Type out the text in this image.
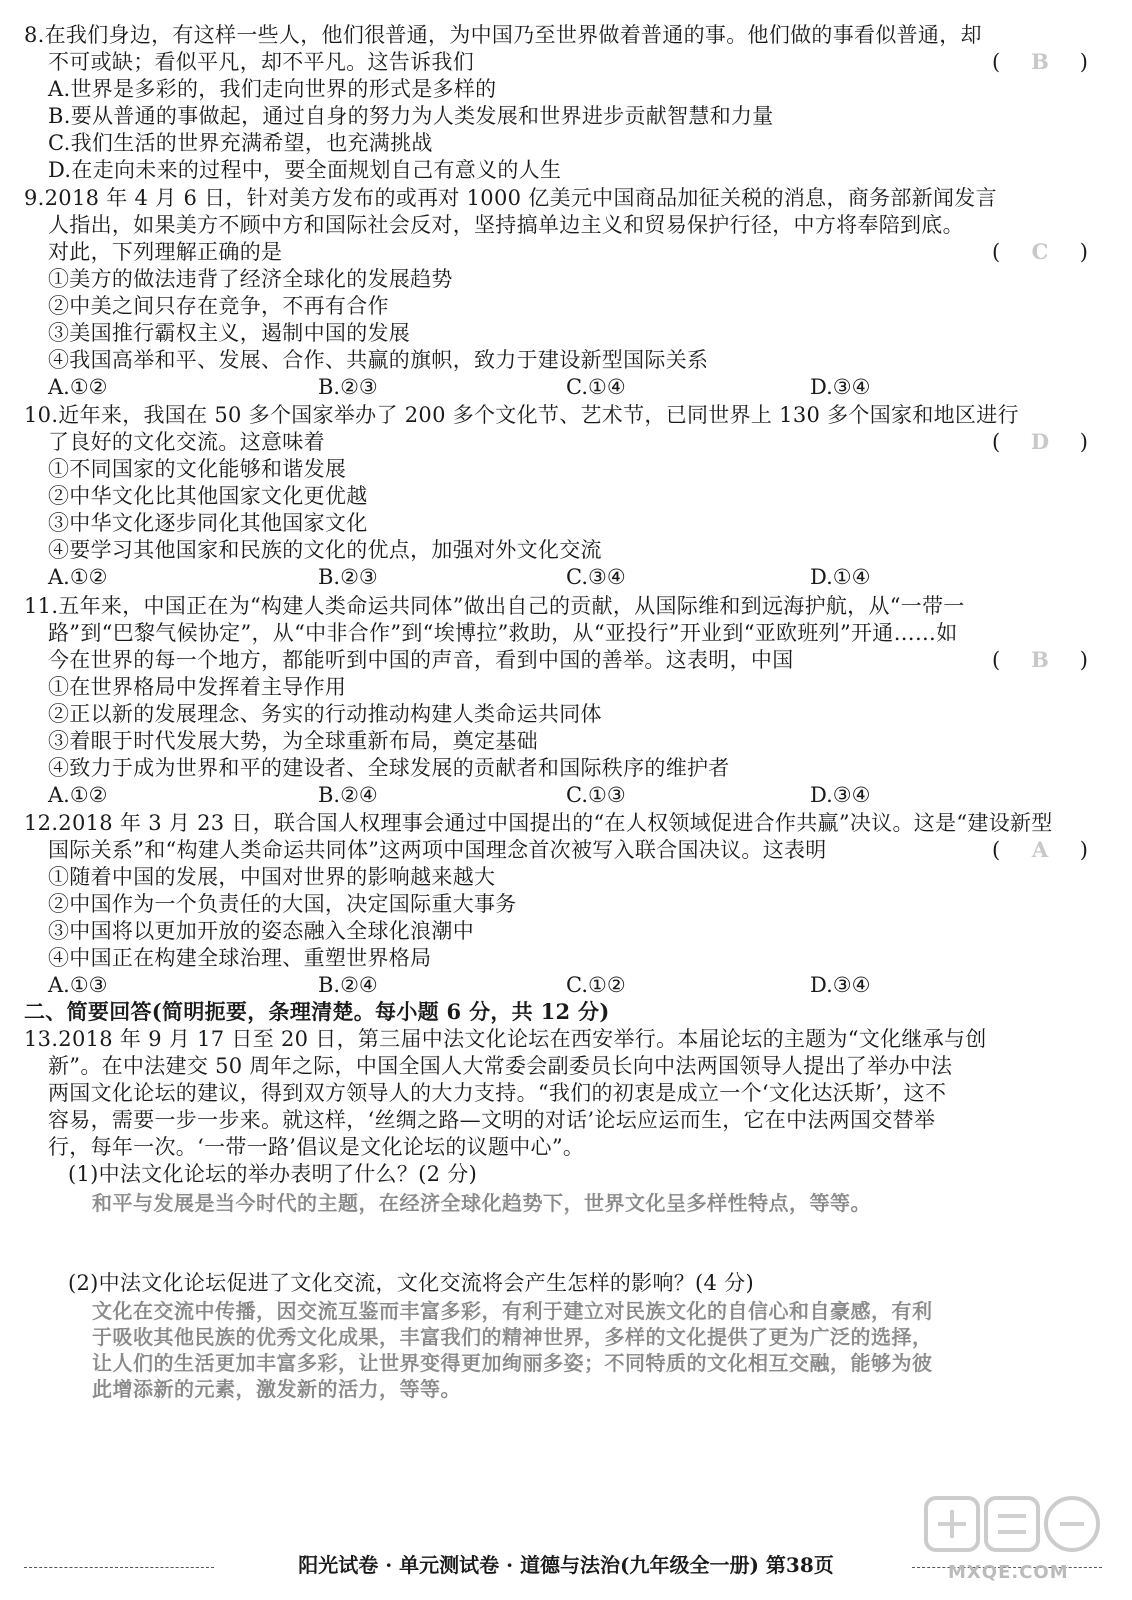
8.在我们身边，有这样一些人，他们很普通，为中国乃至世界做着普通的事。他们做的事看似普通，却
不可或缺；看似平凡，却不平凡。这告诉我们	( B )
A.世界是多彩的，我们走向世界的形式是多样的
B.要从普通的事做起，通过自身的努力为人类发展和世界进步贡献智慧和力量
C.我们生活的世界充满希望，也充满挑战
D.在走向未来的过程中，要全面规划自己有意义的人生
9.2018 年 4 月 6 日，针对美方发布的或再对 1000 亿美元中国商品加征关税的消息，商务部新闻发言
人指出，如果美方不顾中方和国际社会反对，坚持搞单边主义和贸易保护行径，中方将奉陪到底。
对此，下列理解正确的是	( C )
①美方的做法违背了经济全球化的发展趋势
②中美之间只存在竞争，不再有合作
③美国推行霸权主义，遏制中国的发展
④我国高举和平、发展、合作、共赢的旗帜，致力于建设新型国际关系
A.①②	B.②③	C.①④	D.③④
10.近年来，我国在 50 多个国家举办了 200 多个文化节、艺术节，已同世界上 130 多个国家和地区进行
了良好的文化交流。这意味着	( D )
①不同国家的文化能够和谐发展
②中华文化比其他国家文化更优越
③中华文化逐步同化其他国家文化
④要学习其他国家和民族的文化的优点，加强对外文化交流
A.①②	B.②③	C.③④	D.①④
11.五年来，中国正在为“构建人类命运共同体”做出自己的贡献，从国际维和到远海护航，从“一带一
路”到“巴黎气候协定”，从“中非合作”到“埃博拉”救助，从“亚投行”开业到“亚欧班列”开通……如
今在世界的每一个地方，都能听到中国的声音，看到中国的善举。这表明，中国	( B )
①在世界格局中发挥着主导作用
②正以新的发展理念、务实的行动推动构建人类命运共同体
③着眼于时代发展大势，为全球重新布局，奠定基础
④致力于成为世界和平的建设者、全球发展的贡献者和国际秩序的维护者
A.①②	B.②④	C.①③	D.③④
12.2018 年 3 月 23 日，联合国人权理事会通过中国提出的“在人权领域促进合作共赢”决议。这是“建设新型
国际关系”和“构建人类命运共同体”这两项中国理念首次被写入联合国决议。这表明	( A )
①随着中国的发展，中国对世界的影响越来越大
②中国作为一个负责任的大国，决定国际重大事务
③中国将以更加开放的姿态融入全球化浪潮中
④中国正在构建全球治理、重塑世界格局
A.①③	B.②④	C.①②	D.③④
二、简要回答(简明扼要，条理清楚。每小题 6 分，共 12 分)
13.2018 年 9 月 17 日至 20 日，第三届中法文化论坛在西安举行。本届论坛的主题为“文化继承与创
新”。在中法建交 50 周年之际，中国全国人大常委会副委员长向中法两国领导人提出了举办中法
两国文化论坛的建议，得到双方领导人的大力支持。“我们的初衷是成立一个‘文化达沃斯’，这不
容易，需要一步一步来。就这样，‘丝绸之路—文明的对话’论坛应运而生，它在中法两国交替举
行，每年一次。‘一带一路’倡议是文化论坛的议题中心”。
(1)中法文化论坛的举办表明了什么？(2 分)
和平与发展是当今时代的主题，在经济全球化趋势下，世界文化呈多样性特点，等等。
(2)中法文化论坛促进了文化交流，文化交流将会产生怎样的影响？(4 分)
文化在交流中传播，因交流互鉴而丰富多彩，有利于建立对民族文化的自信心和自豪感，有利
于吸收其他民族的优秀文化成果，丰富我们的精神世界，多样的文化提供了更为广泛的选择，
让人们的生活更加丰富多彩，让世界变得更加绚丽多姿；不同特质的文化相互交融，能够为彼
此增添新的元素，激发新的活力，等等。
阳光试卷 · 单元测试卷 · 道德与法治(九年级全一册) 第38页	MXQE.COM
